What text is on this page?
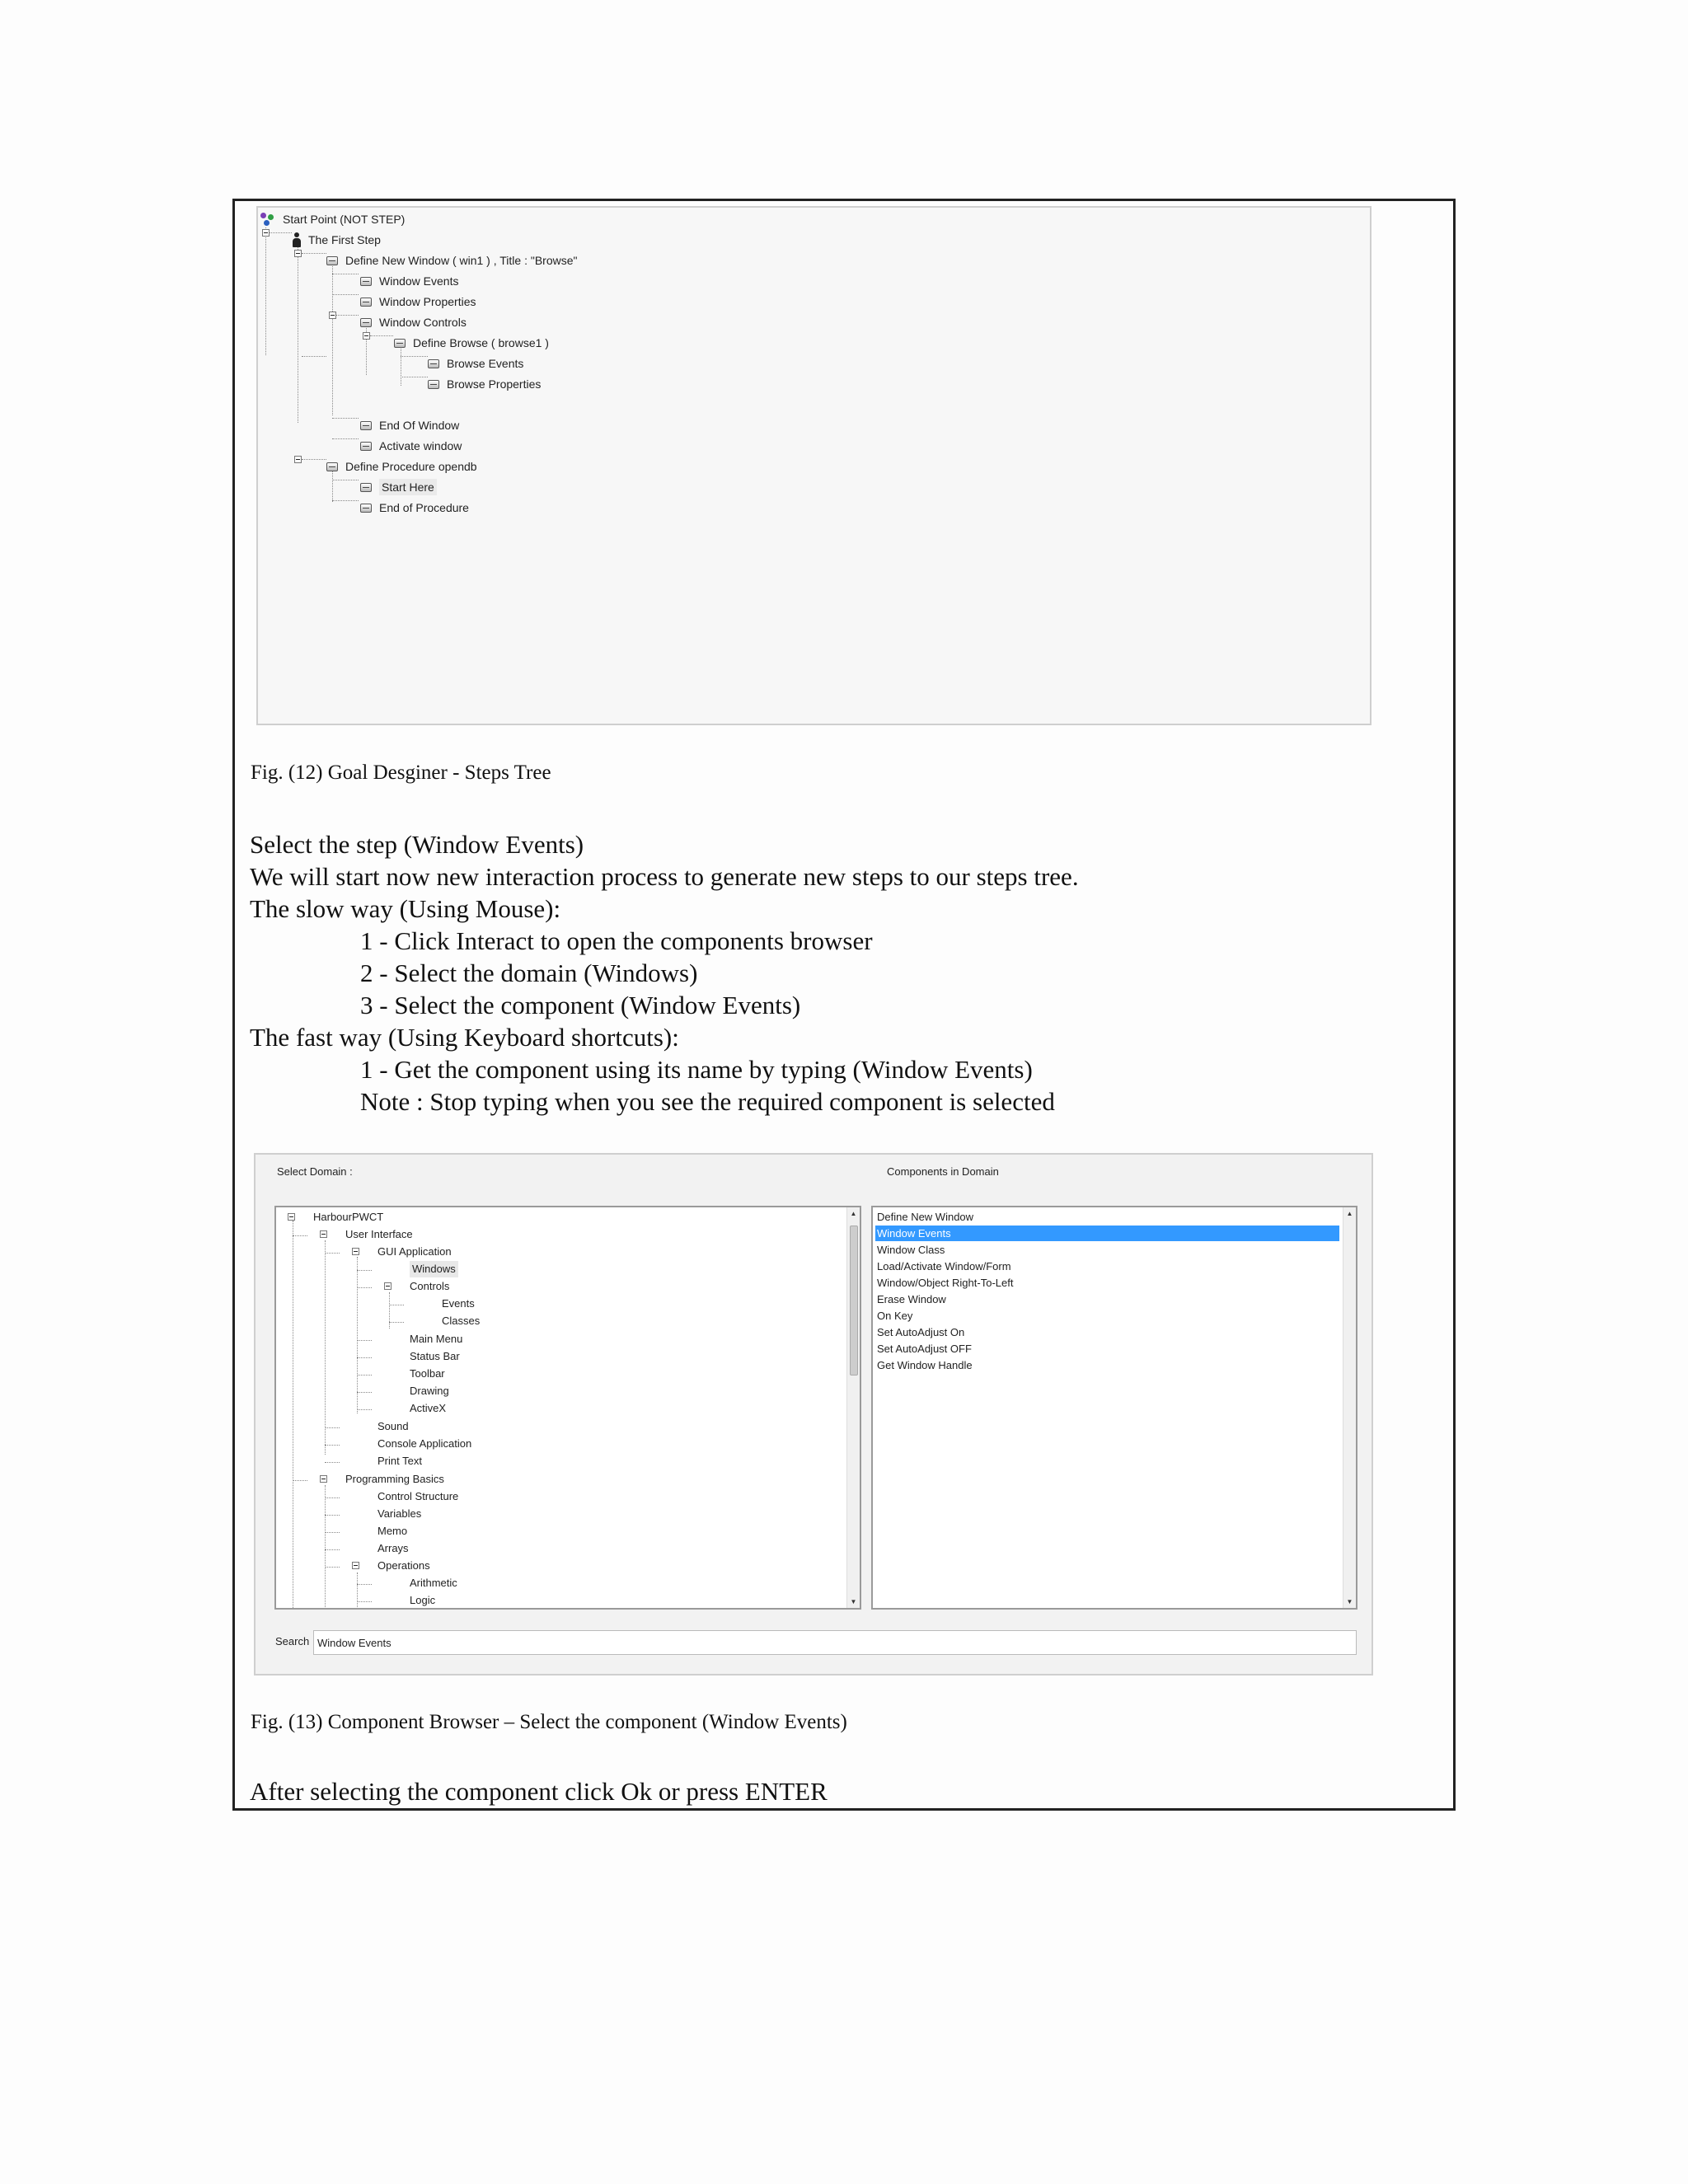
Start Point (NOT STEP)
The First Step
Define New Window ( win1 ) , Title : "Browse"
Window Events
Window Properties
Window Controls
Define Browse ( browse1 )
Browse Events
Browse Properties
End Of Window
Activate window
Define Procedure opendb
Start Here
End of Procedure
Fig. (12) Goal Desginer - Steps Tree
Select the step (Window Events)
We will start now new interaction process to generate new steps to our steps tree.
The slow way (Using Mouse):
1 - Click Interact to open the components browser
2 - Select the domain (Windows)
3 - Select the component (Window Events)
The fast way (Using Keyboard shortcuts):
1 - Get the component using its name by typing (Window Events)
Note : Stop typing when you see the required component is selected
Select Domain :	Components in Domain
HarbourPWCT
User Interface
GUI Application
Windows
Controls
Events
Classes
Main Menu
Status Bar
Toolbar
Drawing
ActiveX
Sound
Console Application
Print Text
Programming Basics
Control Structure
Variables
Memo
Arrays
Operations
Arithmetic
Logic
▲
▼
Define New Window
Window Events
Window Class
Load/Activate Window/Form
Window/Object Right-To-Left
Erase Window
On Key
Set AutoAdjust On
Set AutoAdjust OFF
Get Window Handle
▲
▼
Search
Window Events
Fig. (13) Component Browser – Select the component (Window Events)
After selecting the component click Ok or press ENTER
